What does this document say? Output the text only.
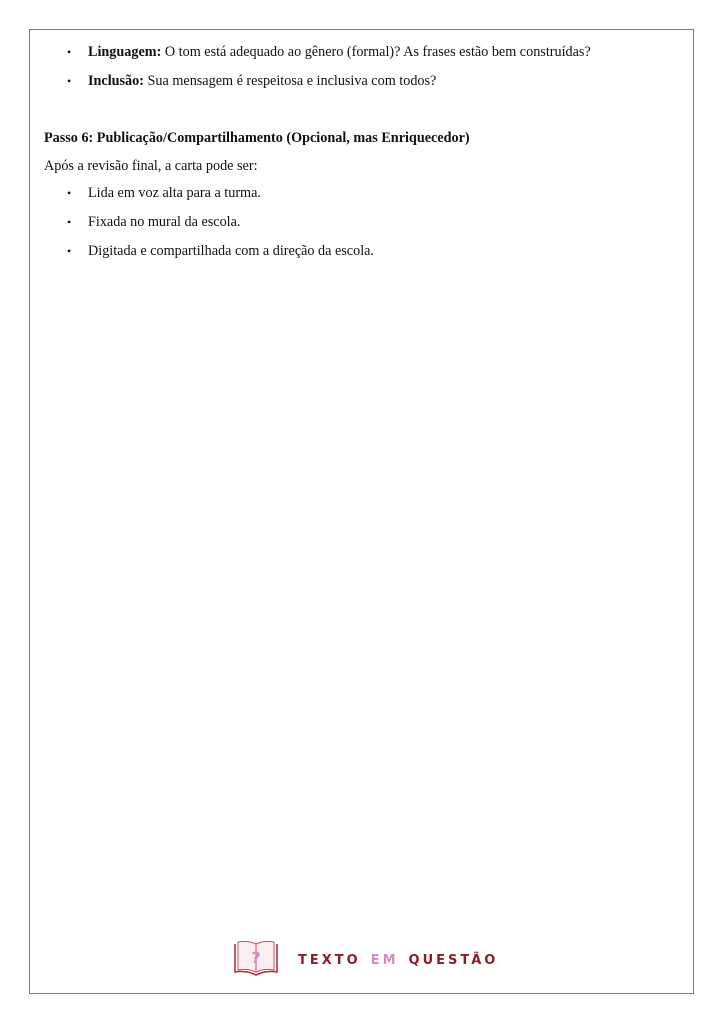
• Linguagem: O tom está adequado ao gênero (formal)? As frases estão bem construídas?
• Inclusão: Sua mensagem é respeitosa e inclusiva com todos?

Passo 6: Publicação/Compartilhamento (Opcional, mas Enriquecedor)

Após a revisão final, a carta pode ser:

• Lida em voz alta para a turma.
• Fixada no mural da escola.
• Digitada e compartilhada com a direção da escola.
?	TEXTO EM QUESTÃO
